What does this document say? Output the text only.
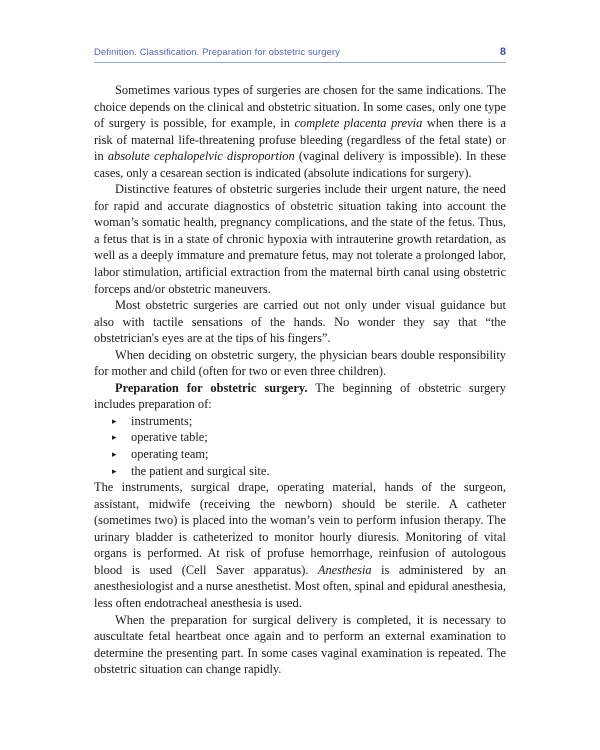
Definition. Classification. Preparation for obstetric surgery	8

Sometimes various types of surgeries are chosen for the same indications. The choice depends on the clinical and obstetric situation. In some cases, only one type of surgery is possible, for example, in complete placenta previa when there is a risk of maternal life-threatening profuse bleeding (regardless of the fetal state) or in absolute cephalopelvic disproportion (vaginal delivery is impossible). In these cases, only a cesarean section is indicated (absolute indications for surgery).

Distinctive features of obstetric surgeries include their urgent nature, the need for rapid and accurate diagnostics of obstetric situation taking into account the woman’s somatic health, pregnancy complications, and the state of the fetus. Thus, a fetus that is in a state of chronic hypoxia with intrauterine growth retardation, as well as a deeply immature and premature fetus, may not tolerate a prolonged labor, labor stimulation, artificial extraction from the maternal birth canal using obstetric forceps and/or obstetric maneuvers.

Most obstetric surgeries are carried out not only under visual guidance but also with tactile sensations of the hands. No wonder they say that “the obstetrician's eyes are at the tips of his fingers”.

When deciding on obstetric surgery, the physician bears double responsibility for mother and child (often for two or even three children).

Preparation for obstetric surgery. The beginning of obstetric surgery includes preparation of:

▸ instruments;
▸ operative table;
▸ operating team;
▸ the patient and surgical site.

The instruments, surgical drape, operating material, hands of the surgeon, assistant, midwife (receiving the newborn) should be sterile. A catheter (sometimes two) is placed into the woman’s vein to perform infusion therapy. The urinary bladder is catheterized to monitor hourly diuresis. Monitoring of vital organs is performed. At risk of profuse hemorrhage, reinfusion of autologous blood is used (Cell Saver apparatus). Anesthesia is administered by an anesthesiologist and a nurse anesthetist. Most often, spinal and epidural anesthesia, less often endotracheal anesthesia is used.

When the preparation for surgical delivery is completed, it is necessary to auscultate fetal heartbeat once again and to perform an external examination to determine the presenting part. In some cases vaginal examination is repeated. The obstetric situation can change rapidly.
